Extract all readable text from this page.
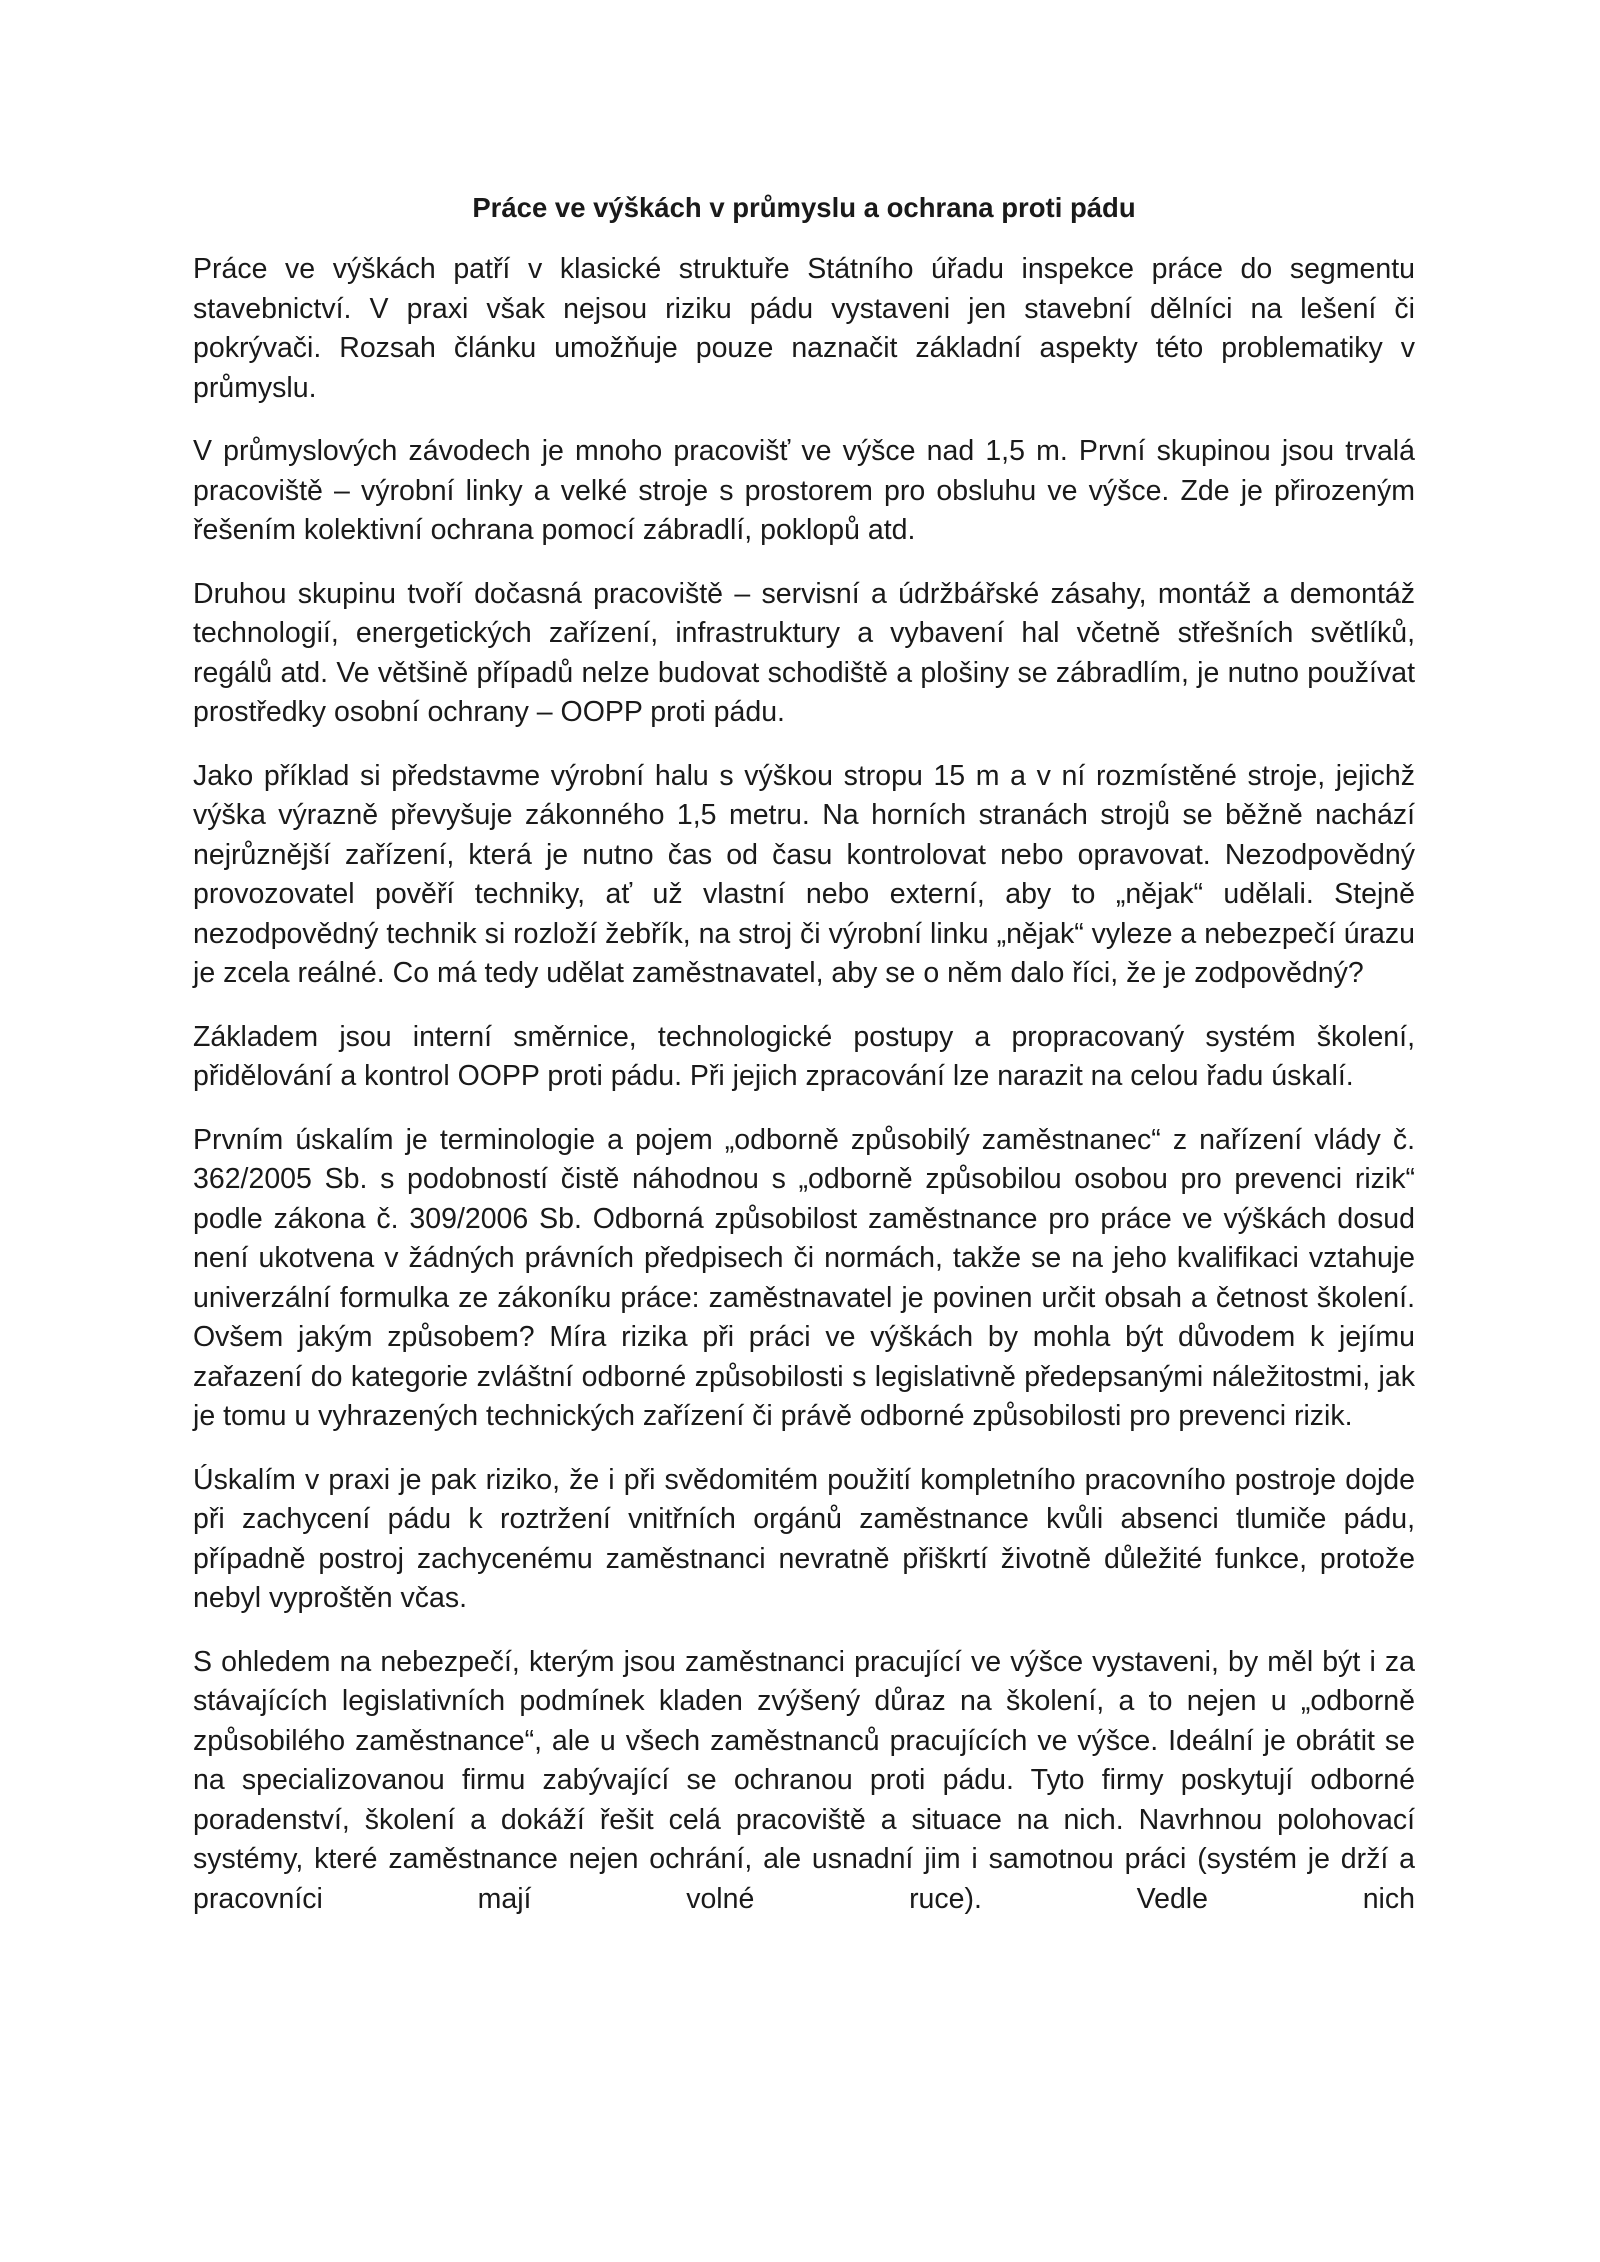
Práce ve výškách v průmyslu a ochrana proti pádu

Práce ve výškách patří v klasické struktuře Státního úřadu inspekce práce do segmentu stavebnictví. V praxi však nejsou riziku pádu vystaveni jen stavební dělníci na lešení či pokrývači. Rozsah článku umožňuje pouze naznačit základní aspekty této problematiky v průmyslu.

V průmyslových závodech je mnoho pracovišť ve výšce nad 1,5 m. První skupinou jsou trvalá pracoviště – výrobní linky a velké stroje s prostorem pro obsluhu ve výšce. Zde je přirozeným řešením kolektivní ochrana pomocí zábradlí, poklopů atd.

Druhou skupinu tvoří dočasná pracoviště – servisní a údržbářské zásahy, montáž a demontáž technologií, energetických zařízení, infrastruktury a vybavení hal včetně střešních světlíků, regálů atd. Ve většině případů nelze budovat schodiště a plošiny se zábradlím, je nutno používat prostředky osobní ochrany – OOPP proti pádu.

Jako příklad si představme výrobní halu s výškou stropu 15 m a v ní rozmístěné stroje, jejichž výška výrazně převyšuje zákonného 1,5 metru. Na horních stranách strojů se běžně nachází nejrůznější zařízení, která je nutno čas od času kontrolovat nebo opravovat. Nezodpovědný provozovatel pověří techniky, ať už vlastní nebo externí, aby to „nějak“ udělali. Stejně nezodpovědný technik si rozloží žebřík, na stroj či výrobní linku „nějak“ vyleze a nebezpečí úrazu je zcela reálné. Co má tedy udělat zaměstnavatel, aby se o něm dalo říci, že je zodpovědný?

Základem jsou interní směrnice, technologické postupy a propracovaný systém školení, přidělování a kontrol OOPP proti pádu. Při jejich zpracování lze narazit na celou řadu úskalí.

Prvním úskalím je terminologie a pojem „odborně způsobilý zaměstnanec“ z nařízení vlády č. 362/2005 Sb. s podobností čistě náhodnou s „odborně způsobilou osobou pro prevenci rizik“ podle zákona č. 309/2006 Sb. Odborná způsobilost zaměstnance pro práce ve výškách dosud není ukotvena v žádných právních předpisech či normách, takže se na jeho kvalifikaci vztahuje univerzální formulka ze zákoníku práce: zaměstnavatel je povinen určit obsah a četnost školení. Ovšem jakým způsobem? Míra rizika při práci ve výškách by mohla být důvodem k jejímu zařazení do kategorie zvláštní odborné způsobilosti s legislativně předepsanými náležitostmi, jak je tomu u vyhrazených technických zařízení či právě odborné způsobilosti pro prevenci rizik.

Úskalím v praxi je pak riziko, že i při svědomitém použití kompletního pracovního postroje dojde při zachycení pádu k roztržení vnitřních orgánů zaměstnance kvůli absenci tlumiče pádu, případně postroj zachycenému zaměstnanci nevratně přiškrtí životně důležité funkce, protože nebyl vyproštěn včas.

S ohledem na nebezpečí, kterým jsou zaměstnanci pracující ve výšce vystaveni, by měl být i za stávajících legislativních podmínek kladen zvýšený důraz na školení, a to nejen u „odborně způsobilého zaměstnance“, ale u všech zaměstnanců pracujících ve výšce. Ideální je obrátit se na specializovanou firmu zabývající se ochranou proti pádu. Tyto firmy poskytují odborné poradenství, školení a dokáží řešit celá pracoviště a situace na nich. Navrhnou polohovací systémy, které zaměstnance nejen ochrání, ale usnadní jim i samotnou práci (systém je drží a pracovníci mají volné ruce). Vedle nich
